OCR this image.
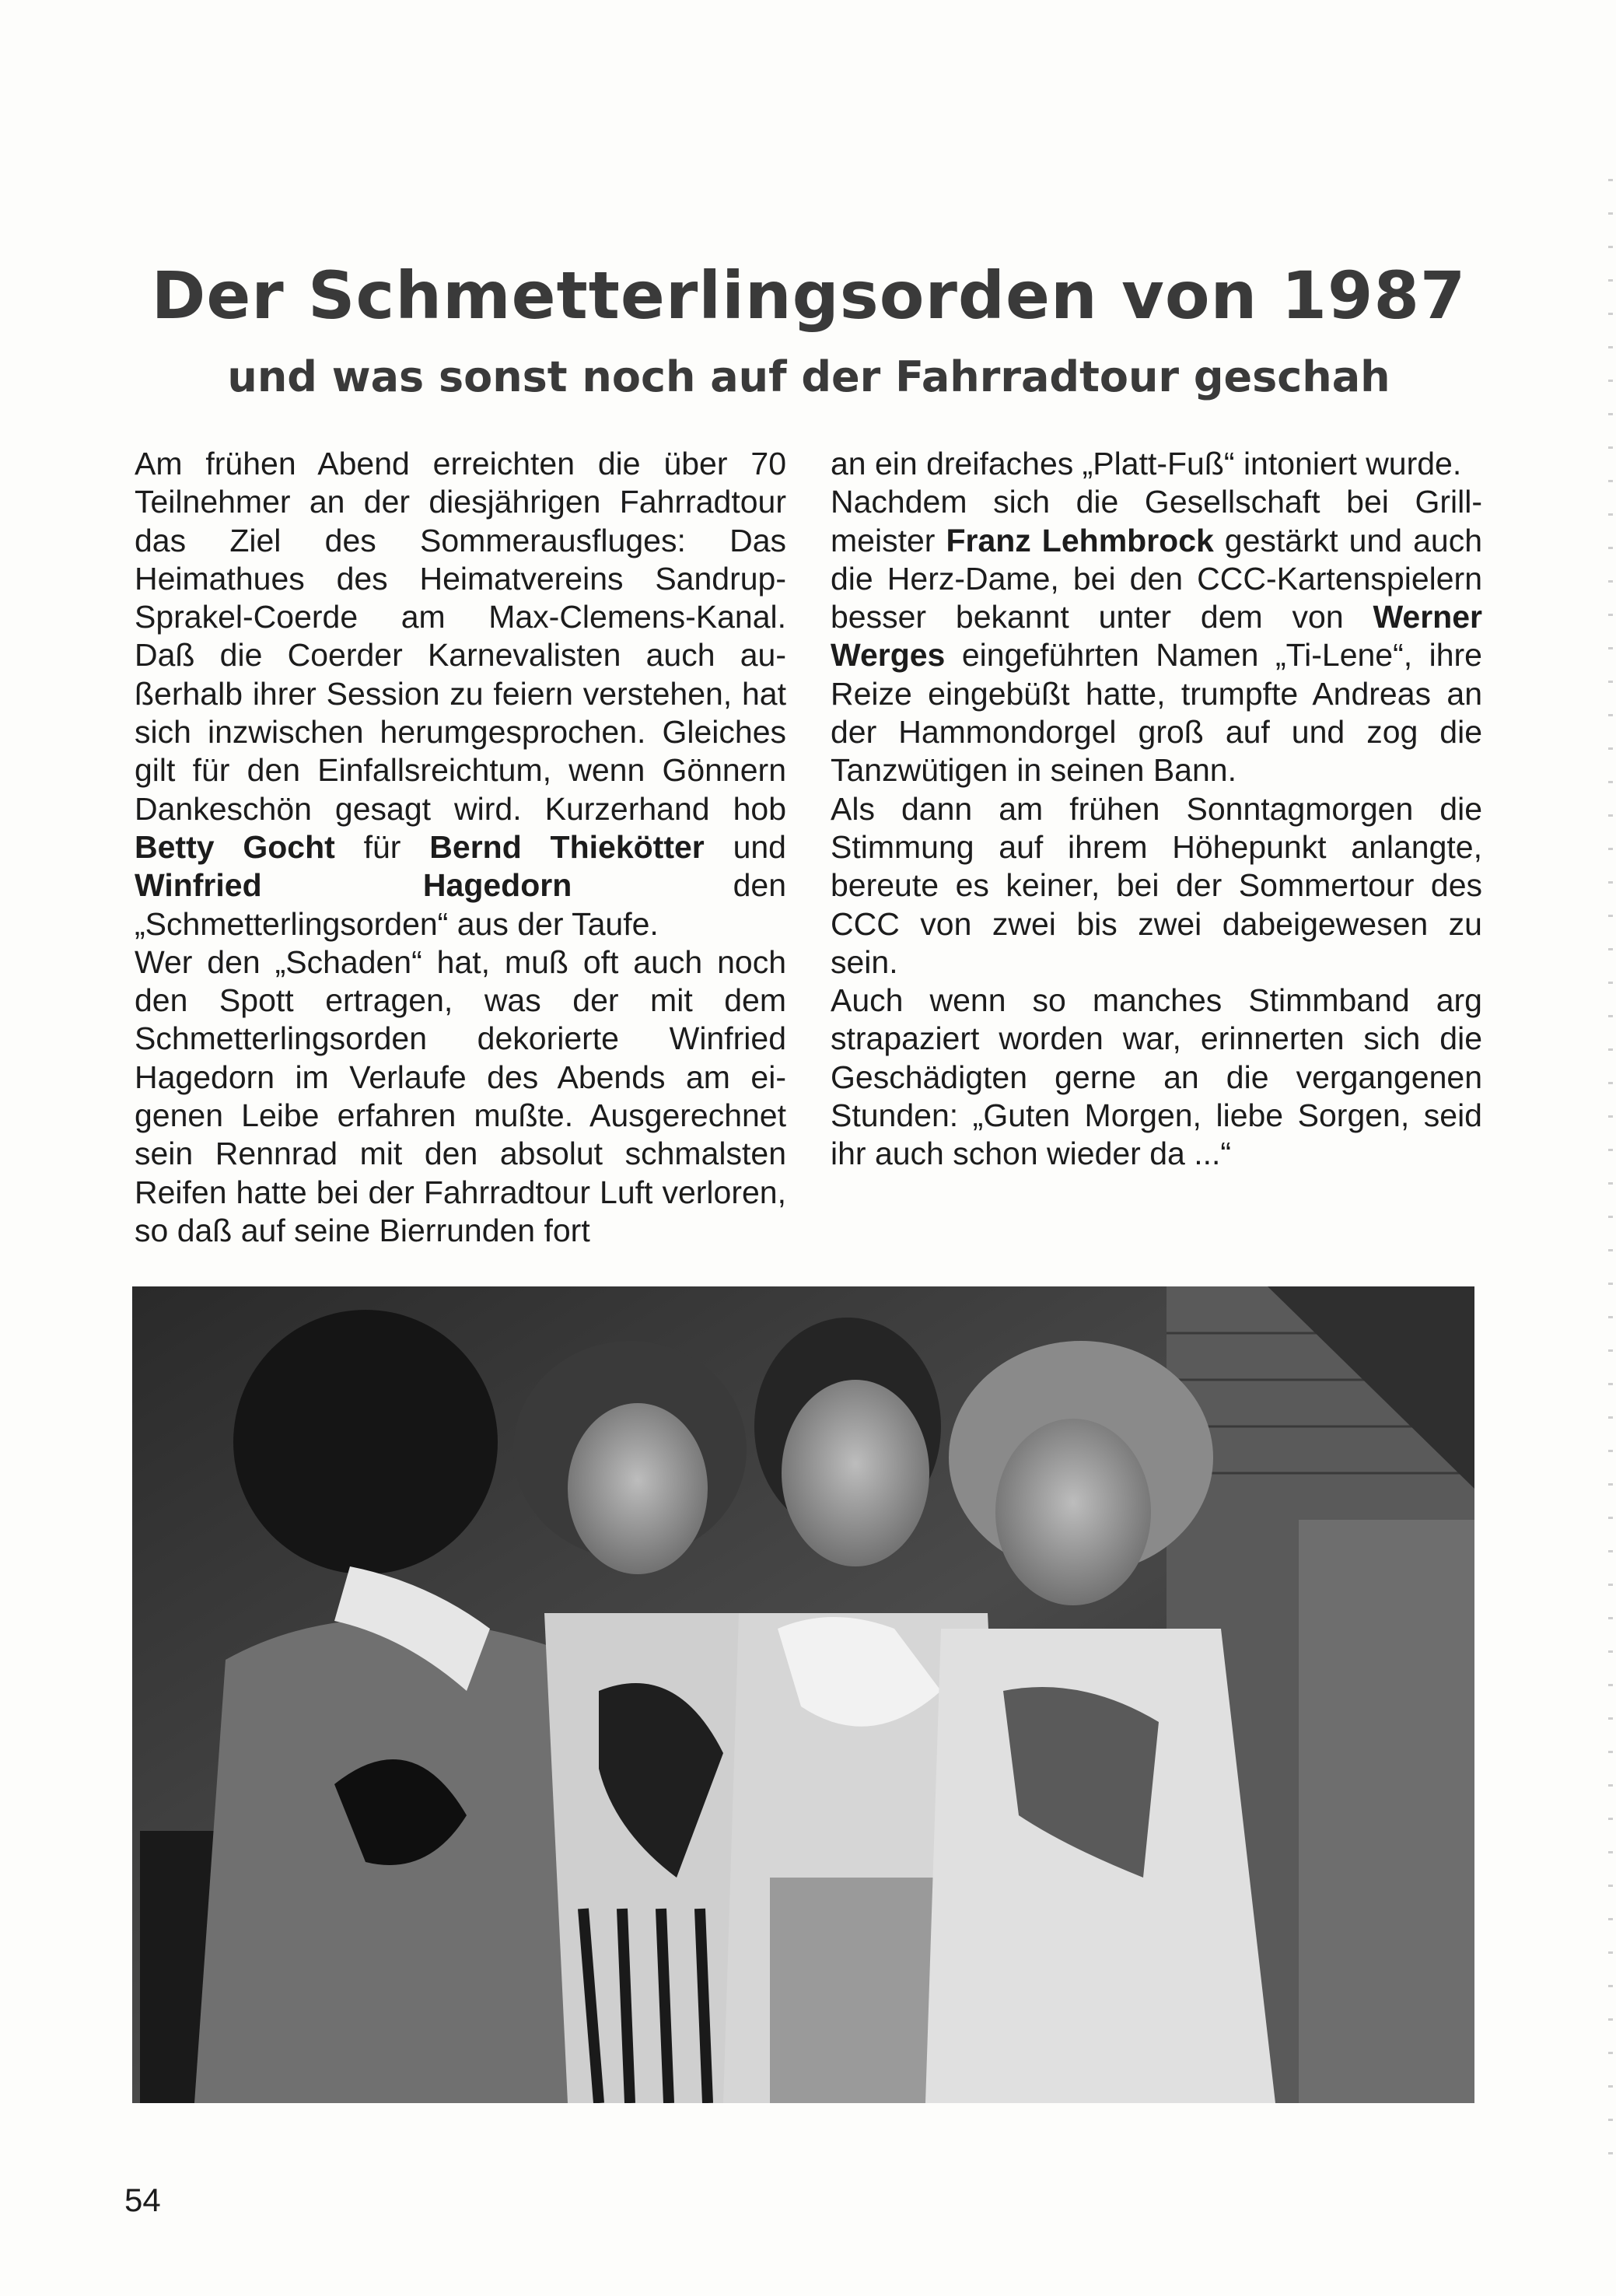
Der Schmetterlingsorden von 1987
und was sonst noch auf der Fahrradtour geschah

Am frühen Abend erreichten die über 70 Teilnehmer an der diesjährigen Fahrradtour das Ziel des Sommerausfluges: Das Heimathues des Heimatvereins Sandrup-Sprakel-Coerde am Max-Clemens-Kanal. Daß die Coerder Karnevalisten auch außerhalb ihrer Session zu feiern verstehen, hat sich inzwischen herumgesprochen. Gleiches gilt für den Einfallsreichtum, wenn Gönnern Dankeschön gesagt wird. Kurzerhand hob Betty Gocht für Bernd Thiekötter und Winfried Hagedorn den „Schmetterlingsorden“ aus der Taufe.

Wer den „Schaden“ hat, muß oft auch noch den Spott ertragen, was der mit dem Schmetterlingsorden dekorierte Winfried Hagedorn im Verlaufe des Abends am eigenen Leibe erfahren mußte. Ausgerechnet sein Rennrad mit den absolut schmalsten Reifen hatte bei der Fahrradtour Luft verloren, so daß auf seine Bierrunden fort

an ein dreifaches „Platt-Fuß“ intoniert wurde.

Nachdem sich die Gesellschaft bei Grillmeister Franz Lehmbrock gestärkt und auch die Herz-Dame, bei den CCC-Kartenspielern besser bekannt unter dem von Werner Werges eingeführten Namen „Ti-Lene“, ihre Reize eingebüßt hatte, trumpfte Andreas an der Hammondorgel groß auf und zog die Tanzwütigen in seinen Bann.

Als dann am frühen Sonntagmorgen die Stimmung auf ihrem Höhepunkt anlangte, bereute es keiner, bei der Sommertour des CCC von zwei bis zwei dabeigewesen zu sein.

Auch wenn so manches Stimmband arg strapaziert worden war, erinnerten sich die Geschädigten gerne an die vergangenen Stunden: „Guten Morgen, liebe Sorgen, seid ihr auch schon wieder da ...“

54
